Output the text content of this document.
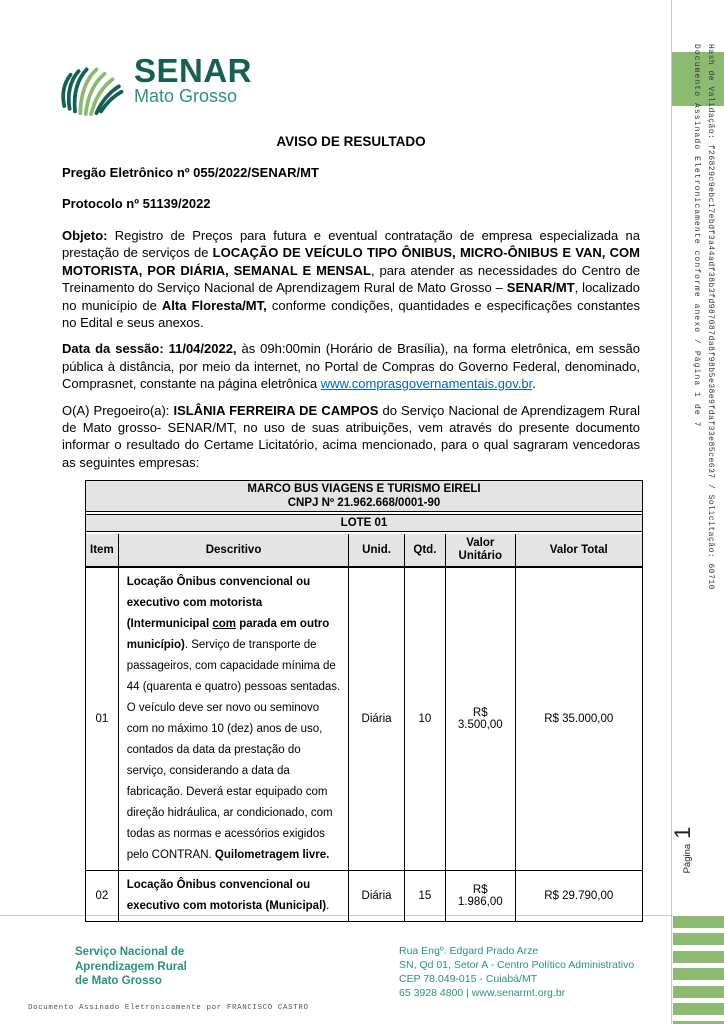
Hash de Validação: f26829c9ebc17ebdf3a44adf38b3fd987087da8f98b5e38e9fdaf33e85ce637 / Solicitação: 60710
Documento Assinado Eletronicamente conforme anexo / Página 1 de 7
Página
1
SENAR
Mato Grosso
AVISO DE RESULTADO
Pregão Eletrônico nº 055/2022/SENAR/MT
Protocolo nº 51139/2022

Objeto: Registro de Preços para futura e eventual contratação de empresa especializada na prestação de serviços de LOCAÇÃO DE VEÍCULO TIPO ÔNIBUS, MICRO-ÔNIBUS E VAN, COM MOTORISTA, POR DIÁRIA, SEMANAL E MENSAL, para atender as necessidades do Centro de Treinamento do Serviço Nacional de Aprendizagem Rural de Mato Grosso – SENAR/MT, localizado no município de Alta Floresta/MT, conforme condições, quantidades e especificações constantes no Edital e seus anexos.

Data da sessão: 11/04/2022, às 09h:00min (Horário de Brasília), na forma eletrônica, em sessão pública à distância, por meio da internet, no Portal de Compras do Governo Federal, denominado, Comprasnet, constante na página eletrônica www.comprasgovernamentais.gov.br.

O(A) Pregoeiro(a): ISLÂNIA FERREIRA DE CAMPOS do Serviço Nacional de Aprendizagem Rural de Mato grosso- SENAR/MT, no uso de suas atribuições, vem através do presente documento informar o resultado do Certame Licitatório, acima mencionado, para o qual sagraram vencedoras as seguintes empresas:

MARCO BUS VIAGENS E TURISMO EIRELI
CNPJ Nº 21.962.668/0001-90					

LOTE 01					

Item	Descritivo	Unid.	Qtd.	Valor Unitário	Valor Total
01	Locação Ônibus convencional ou executivo com motorista (Intermunicipal com parada em outro município). Serviço de transporte de passageiros, com capacidade mínima de 44 (quarenta e quatro) pessoas sentadas. O veículo deve ser novo ou seminovo com no máximo 10 (dez) anos de uso, contados da data da prestação do serviço, considerando a data da fabricação. Deverá estar equipado com direção hidráulica, ar condicionado, com todas as normas e acessórios exigidos pelo CONTRAN. Quilometragem livre.	Diária	10	R$ 3.500,00	R$ 35.000,00
02	Locação Ônibus convencional ou executivo com motorista (Municipal).	Diária	15	R$ 1.986,00	R$ 29.790,00
Serviço Nacional de
Aprendizagem Rural
de Mato Grosso
Rua Engº. Edgard Prado Arze
SN, Qd 01, Setor A - Centro Político Administrativo
CEP 78.049-015 - Cuiabá/MT
65 3928 4800 | www.senarmt.org.br
Documento Assinado Eletronicamente por FRANCISCO CASTRO
